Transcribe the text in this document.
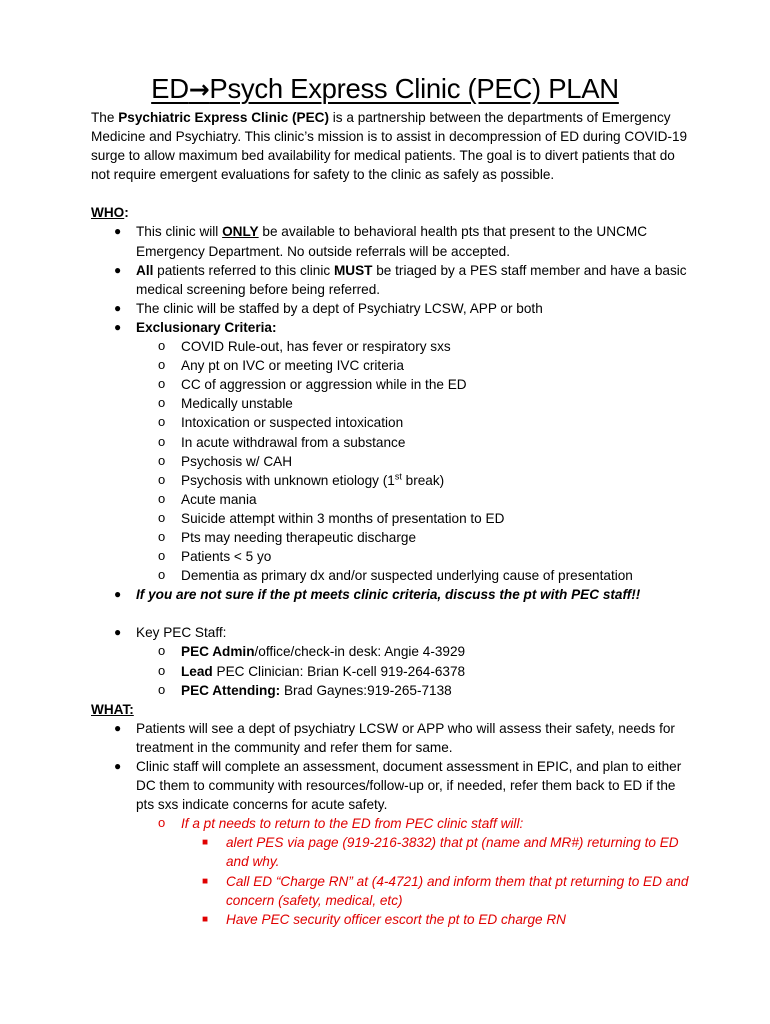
ED→Psych Express Clinic (PEC) PLAN

The Psychiatric Express Clinic (PEC) is a partnership between the departments of Emergency Medicine and Psychiatry. This clinic’s mission is to assist in decompression of ED during COVID-19 surge to allow maximum bed availability for medical patients. The goal is to divert patients that do not require emergent evaluations for safety to the clinic as safely as possible.

WHO:

● This clinic will ONLY be available to behavioral health pts that present to the UNCMC Emergency Department. No outside referrals will be accepted.
● All patients referred to this clinic MUST be triaged by a PES staff member and have a basic medical screening before being referred.
● The clinic will be staffed by a dept of Psychiatry LCSW, APP or both
● Exclusionary Criteria:
o COVID Rule-out, has fever or respiratory sxs
o Any pt on IVC or meeting IVC criteria
o CC of aggression or aggression while in the ED
o Medically unstable
o Intoxication or suspected intoxication
o In acute withdrawal from a substance
o Psychosis w/ CAH
o Psychosis with unknown etiology (1st break)
o Acute mania
o Suicide attempt within 3 months of presentation to ED
o Pts may needing therapeutic discharge
o Patients < 5 yo
o Dementia as primary dx and/or suspected underlying cause of presentation
● If you are not sure if the pt meets clinic criteria, discuss the pt with PEC staff!!
● Key PEC Staff:
o PEC Admin/office/check-in desk: Angie 4-3929
o Lead PEC Clinician: Brian K-cell 919-264-6378
o PEC Attending: Brad Gaynes:919-265-7138

WHAT:

● Patients will see a dept of psychiatry LCSW or APP who will assess their safety, needs for treatment in the community and refer them for same.
● Clinic staff will complete an assessment, document assessment in EPIC, and plan to either DC them to community with resources/follow-up or, if needed, refer them back to ED if the pts sxs indicate concerns for acute safety.
o If a pt needs to return to the ED from PEC clinic staff will:
■ alert PES via page (919-216-3832) that pt (name and MR#) returning to ED and why.
■ Call ED “Charge RN” at (4-4721) and inform them that pt returning to ED and concern (safety, medical, etc)
■ Have PEC security officer escort the pt to ED charge RN
